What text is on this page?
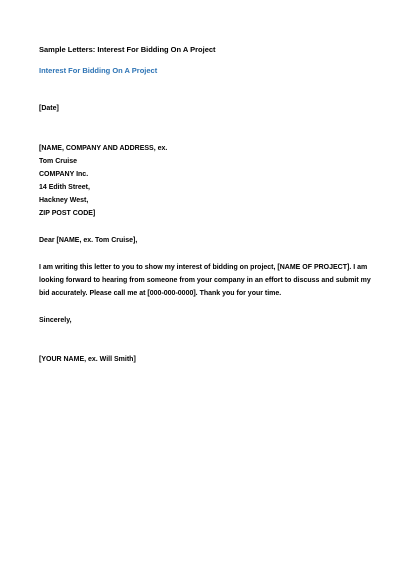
Sample Letters: Interest For Bidding On A Project

Interest For Bidding On A Project

[Date]

[NAME, COMPANY AND ADDRESS, ex.

Tom Cruise

COMPANY Inc.

14 Edith Street,

Hackney West,

ZIP POST CODE]

Dear [NAME, ex. Tom Cruise],

I am writing this letter to you to show my interest of bidding on project, [NAME OF PROJECT]. I am

looking forward to hearing from someone from your company in an effort to discuss and submit my

bid accurately. Please call me at [000-000-0000]. Thank you for your time.

Sincerely,

[YOUR NAME, ex. Will Smith]
